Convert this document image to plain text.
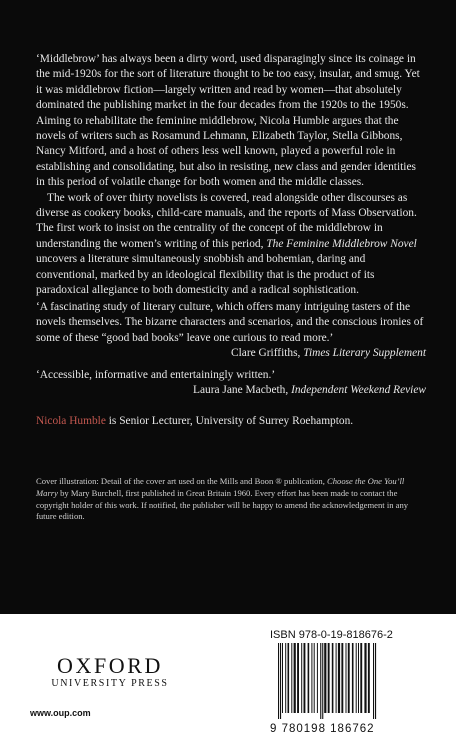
‘Middlebrow’ has always been a dirty word, used disparagingly since its coinage in the mid-1920s for the sort of literature thought to be too easy, insular, and smug. Yet it was middlebrow fiction—largely written and read by women—that absolutely dominated the publishing market in the four decades from the 1920s to the 1950s. Aiming to rehabilitate the feminine middlebrow, Nicola Humble argues that the novels of writers such as Rosamund Lehmann, Elizabeth Taylor, Stella Gibbons, Nancy Mitford, and a host of others less well known, played a powerful role in establishing and consolidating, but also in resisting, new class and gender identities in this period of volatile change for both women and the middle classes.

The work of over thirty novelists is covered, read alongside other discourses as diverse as cookery books, child-care manuals, and the reports of Mass Observation. The first work to insist on the centrality of the concept of the middlebrow in understanding the women’s writing of this period, The Feminine Middlebrow Novel uncovers a literature simultaneously snobbish and bohemian, daring and conventional, marked by an ideological flexibility that is the product of its paradoxical allegiance to both domesticity and a radical sophistication.

‘A fascinating study of literary culture, which offers many intriguing tasters of the novels themselves. The bizarre characters and scenarios, and the conscious ironies of some of these “good bad books” leave one curious to read more.’

Clare Griffiths, Times Literary Supplement

‘Accessible, informative and entertainingly written.’

Laura Jane Macbeth, Independent Weekend Review

Nicola Humble is Senior Lecturer, University of Surrey Roehampton.

Cover illustration: Detail of the cover art used on the Mills and Boon ® publication, Choose the One You’ll Marry by Mary Burchell, first published in Great Britain 1960. Every effort has been made to contact the copyright holder of this work. If notified, the publisher will be happy to amend the acknowledgement in any future edition.
OXFORD
UNIVERSITY PRESS
www.oup.com
ISBN 978-0-19-818676-2
9 780198 186762
